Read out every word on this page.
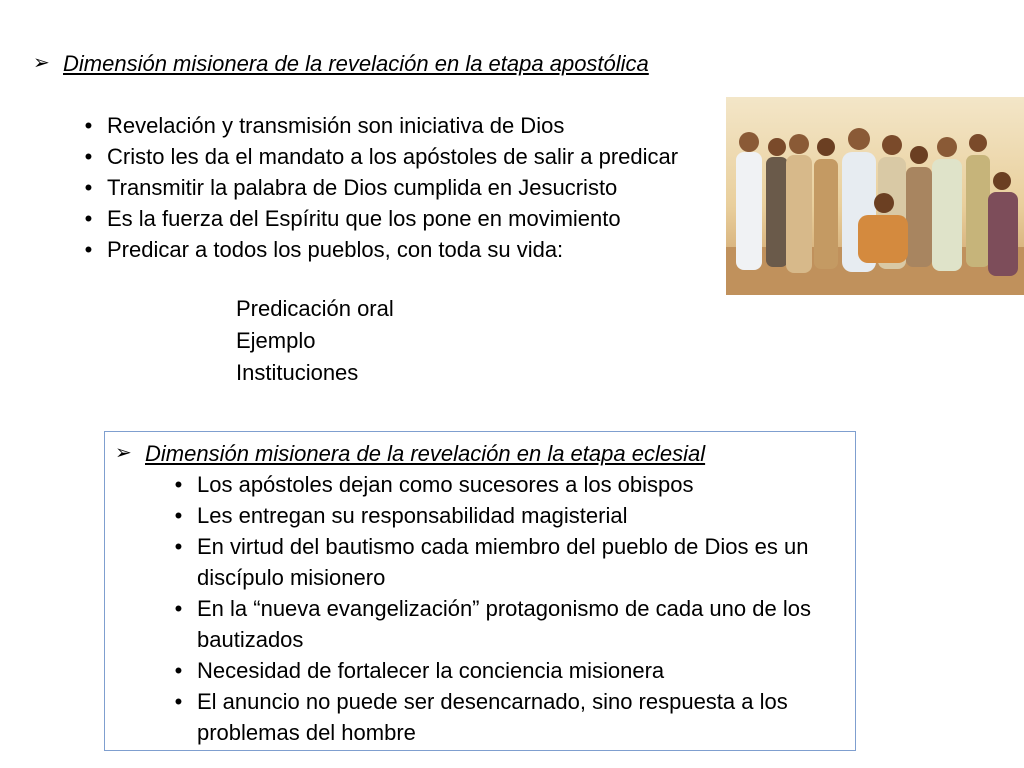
➢ Dimensión misionera de la revelación en la etapa apostólica
• Revelación y transmisión son iniciativa de Dios
• Cristo les da el mandato a los apóstoles de salir a predicar
• Transmitir la palabra de Dios cumplida en Jesucristo
• Es la fuerza del Espíritu que los pone en movimiento
• Predicar a todos los pueblos, con toda su vida:
Predicación oral
Ejemplo
Instituciones
➢ Dimensión misionera de la revelación en la etapa eclesial
• Los apóstoles dejan como sucesores a los obispos
• Les entregan su responsabilidad magisterial
• En virtud del bautismo cada miembro del pueblo de Dios es un discípulo misionero
• En la “nueva evangelización” protagonismo de cada uno de los bautizados
• Necesidad de fortalecer la conciencia misionera
• El anuncio no puede ser desencarnado, sino respuesta a los problemas del hombre
